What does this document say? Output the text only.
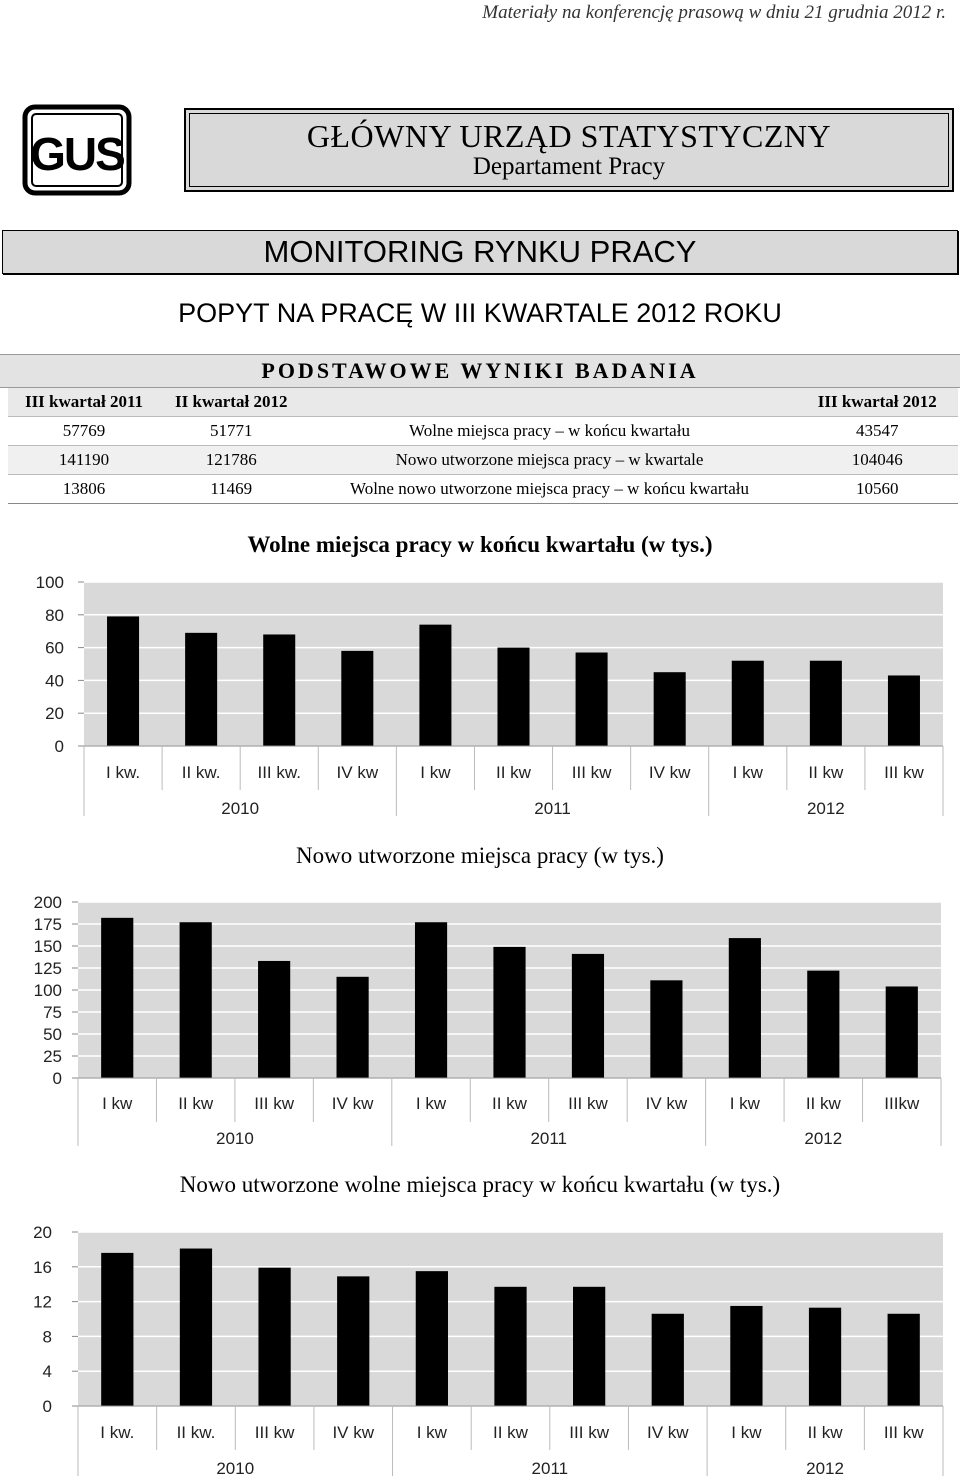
Materiały na konferencję prasową w dniu 21 grudnia 2012 r.
GUS	GŁÓWNY URZĄD STATYSTYCZNY
Departament Pracy
MONITORING RYNKU PRACY
POPYT NA PRACĘ W III KWARTALE 2012 ROKU
PODSTAWOWE WYNIKI BADANIA
III kwartał 2011	II kwartał 2012		III kwartał 2012
57769	51771	Wolne miejsca pracy – w końcu kwartału	43547
141190	121786	Nowo utworzone miejsca pracy – w kwartale	104046
13806	11469	Wolne nowo utworzone miejsca pracy – w końcu kwartału	10560
Wolne miejsca pracy w końcu kwartału (w tys.)
0
20
40
60
80
100
I kw. II kw. III kw. IV kw I kw	II kw III kw IV kw I kw	II kw III kw
2010	2011	2012
Nowo utworzone miejsca pracy (w tys.)
0
25
50
75
100
125
150
175
200
I kw	II kw III kw IV kw	I kw	II kw III kw IV kw	I kw	II kw	IIIkw
2010	2011	2012
Nowo utworzone wolne miejsca pracy w końcu kwartału (w tys.)
0
4
8
12
16
20
I kw. II kw. III kw IV kw	I kw	II kw III kw IV kw	I kw	II kw III kw
2010	2011	2012
